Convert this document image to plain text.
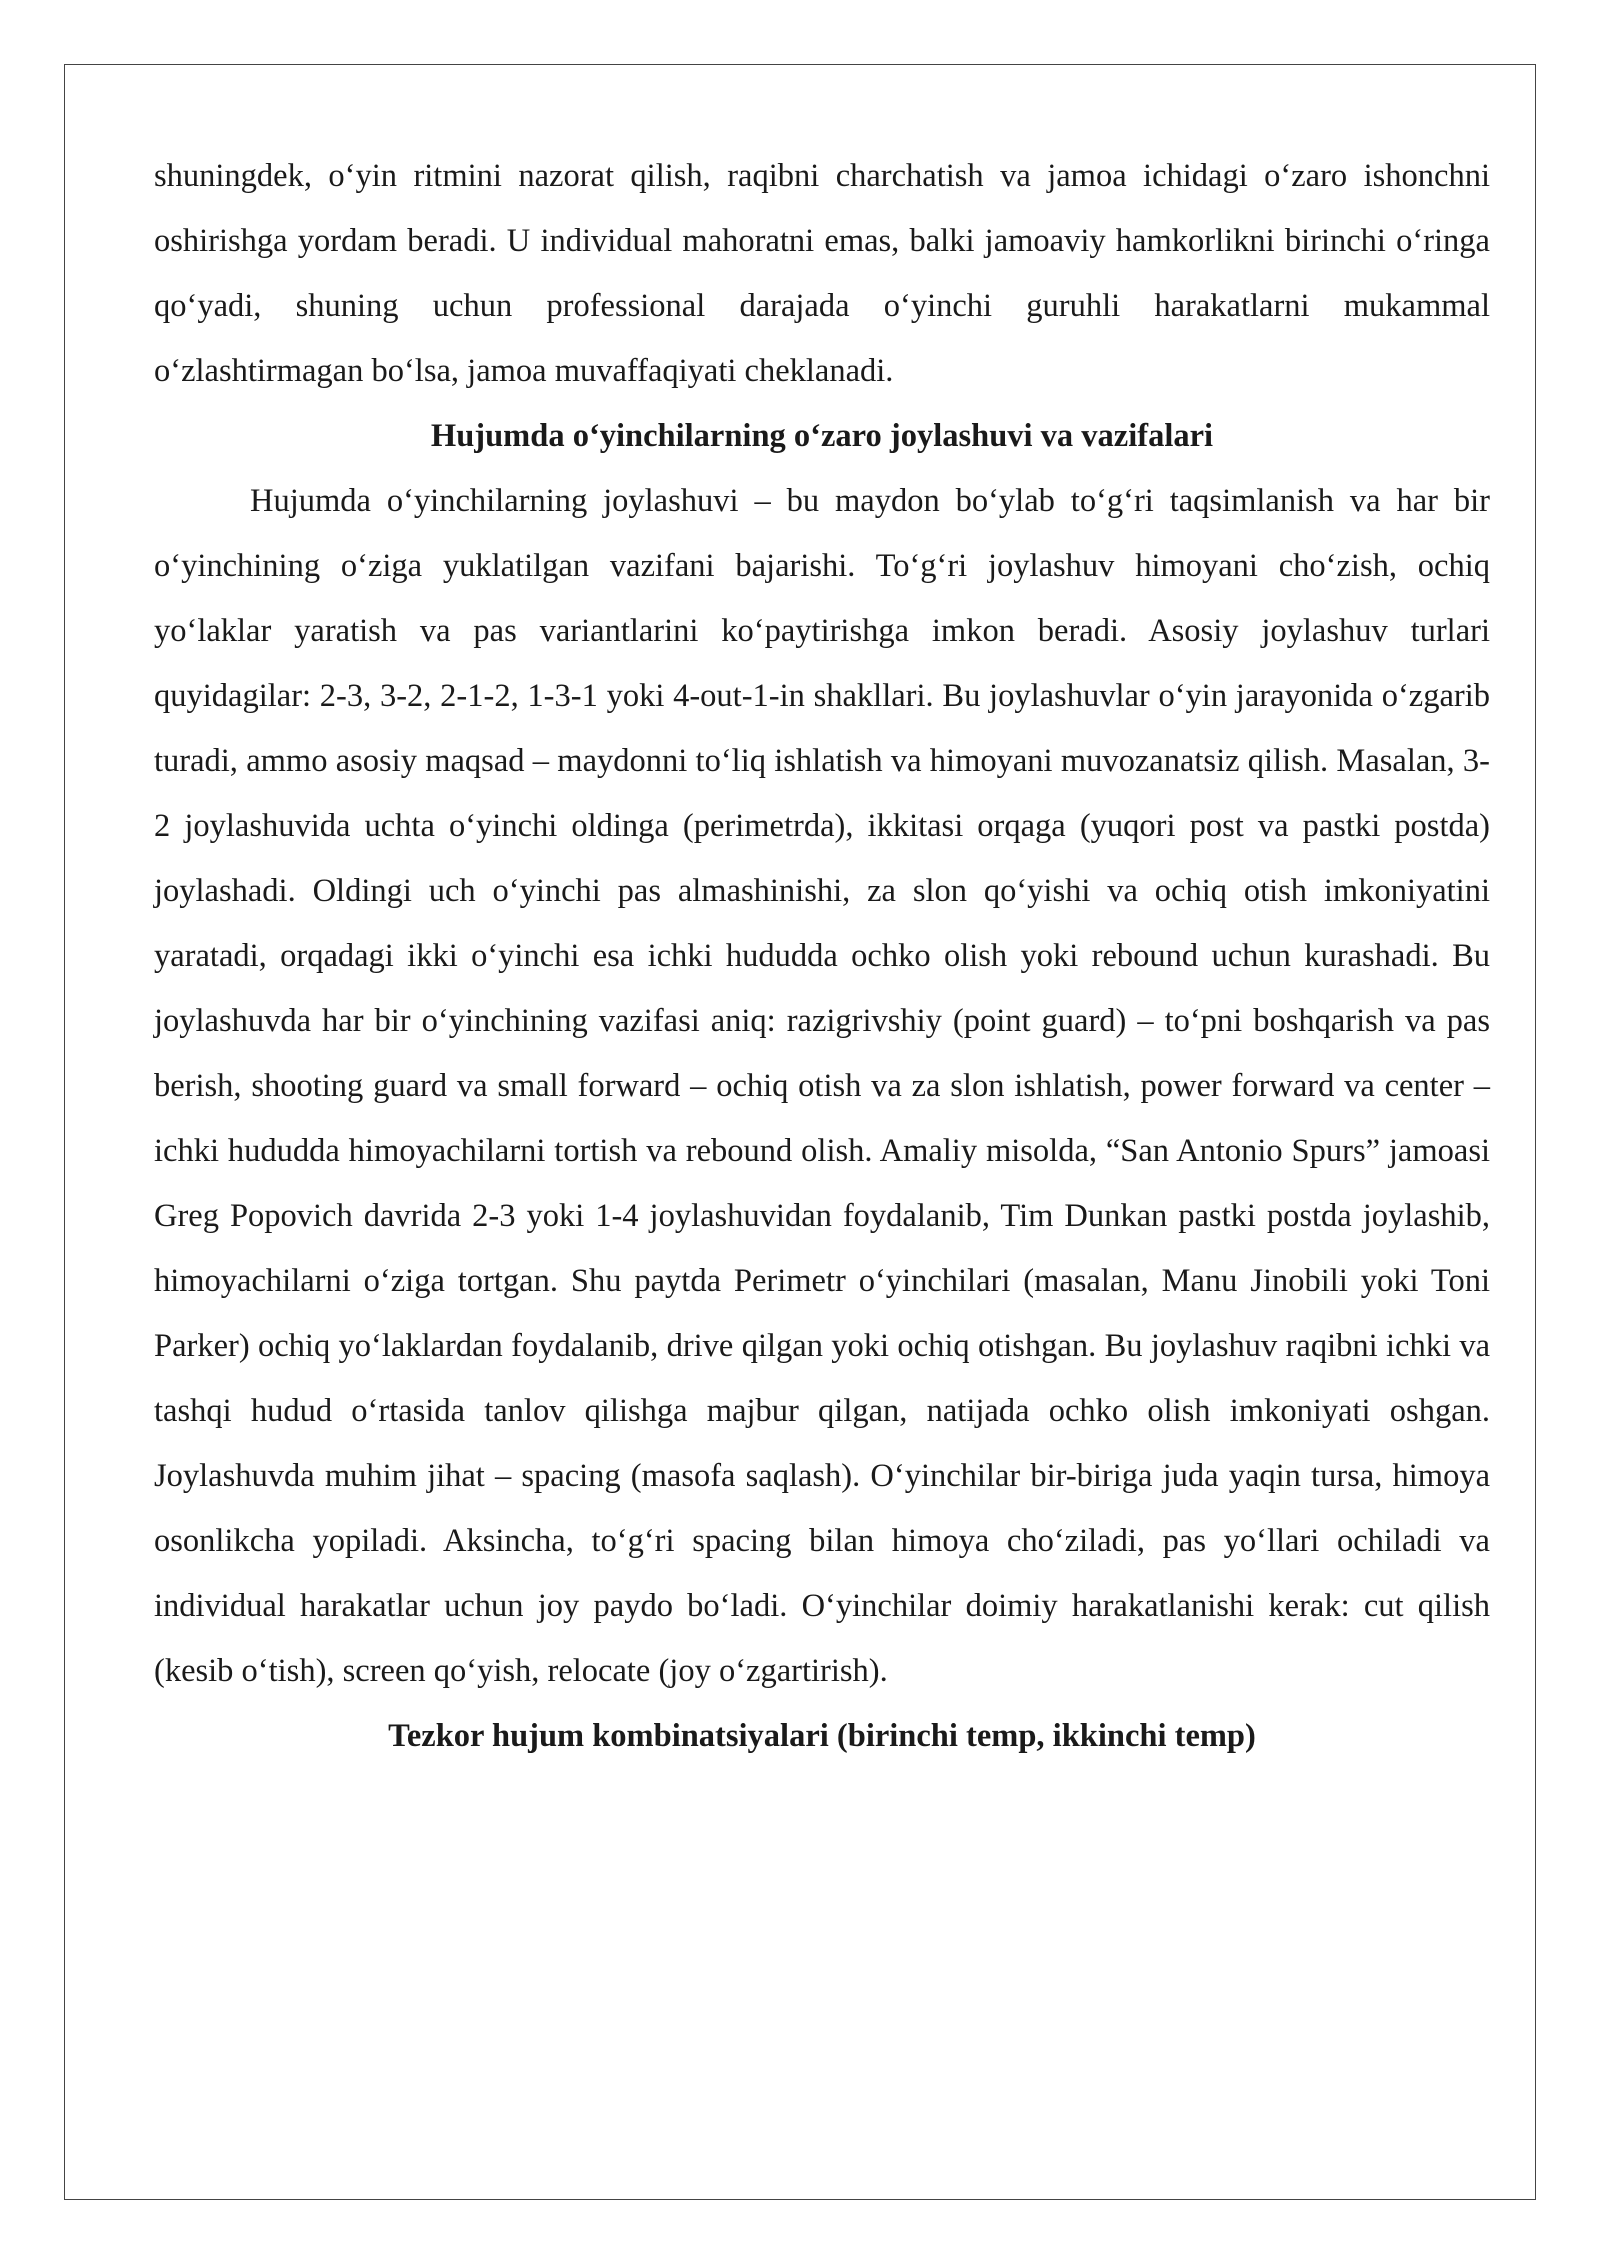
shuningdek, o‘yin ritmini nazorat qilish, raqibni charchatish va jamoa ichidagi o‘zaro ishonchni oshirishga yordam beradi. U individual mahoratni emas, balki jamoaviy hamkorlikni birinchi o‘ringa qo‘yadi, shuning uchun professional darajada o‘yinchi guruhli harakatlarni mukammal o‘zlashtirmagan bo‘lsa, jamoa muvaffaqiyati cheklanadi.

Hujumda o‘yinchilarning o‘zaro joylashuvi va vazifalari

Hujumda o‘yinchilarning joylashuvi – bu maydon bo‘ylab to‘g‘ri taqsimlanish va har bir o‘yinchining o‘ziga yuklatilgan vazifani bajarishi. To‘g‘ri joylashuv himoyani cho‘zish, ochiq yo‘laklar yaratish va pas variantlarini ko‘paytirishga imkon beradi. Asosiy joylashuv turlari quyidagilar: 2-3, 3-2, 2-1-2, 1-3-1 yoki 4-out-1-in shakllari. Bu joylashuvlar o‘yin jarayonida o‘zgarib turadi, ammo asosiy maqsad – maydonni to‘liq ishlatish va himoyani muvozanatsiz qilish. Masalan, 3-2 joylashuvida uchta o‘yinchi oldinga (perimetrda), ikkitasi orqaga (yuqori post va pastki postda) joylashadi. Oldingi uch o‘yinchi pas almashinishi, za slon qo‘yishi va ochiq otish imkoniyatini yaratadi, orqadagi ikki o‘yinchi esa ichki hududda ochko olish yoki rebound uchun kurashadi. Bu joylashuvda har bir o‘yinchining vazifasi aniq: razigrivshiy (point guard) – to‘pni boshqarish va pas berish, shooting guard va small forward – ochiq otish va za slon ishlatish, power forward va center – ichki hududda himoyachilarni tortish va rebound olish. Amaliy misolda, “San Antonio Spurs” jamoasi Greg Popovich davrida 2-3 yoki 1-4 joylashuvidan foydalanib, Tim Dunkan pastki postda joylashib, himoyachilarni o‘ziga tortgan. Shu paytda Perimetr o‘yinchilari (masalan, Manu Jinobili yoki Toni Parker) ochiq yo‘laklardan foydalanib, drive qilgan yoki ochiq otishgan. Bu joylashuv raqibni ichki va tashqi hudud o‘rtasida tanlov qilishga majbur qilgan, natijada ochko olish imkoniyati oshgan. Joylashuvda muhim jihat – spacing (masofa saqlash). O‘yinchilar bir-biriga juda yaqin tursa, himoya osonlikcha yopiladi. Aksincha, to‘g‘ri spacing bilan himoya cho‘ziladi, pas yo‘llari ochiladi va individual harakatlar uchun joy paydo bo‘ladi. O‘yinchilar doimiy harakatlanishi kerak: cut qilish (kesib o‘tish), screen qo‘yish, relocate (joy o‘zgartirish).

Tezkor hujum kombinatsiyalari (birinchi temp, ikkinchi temp)
